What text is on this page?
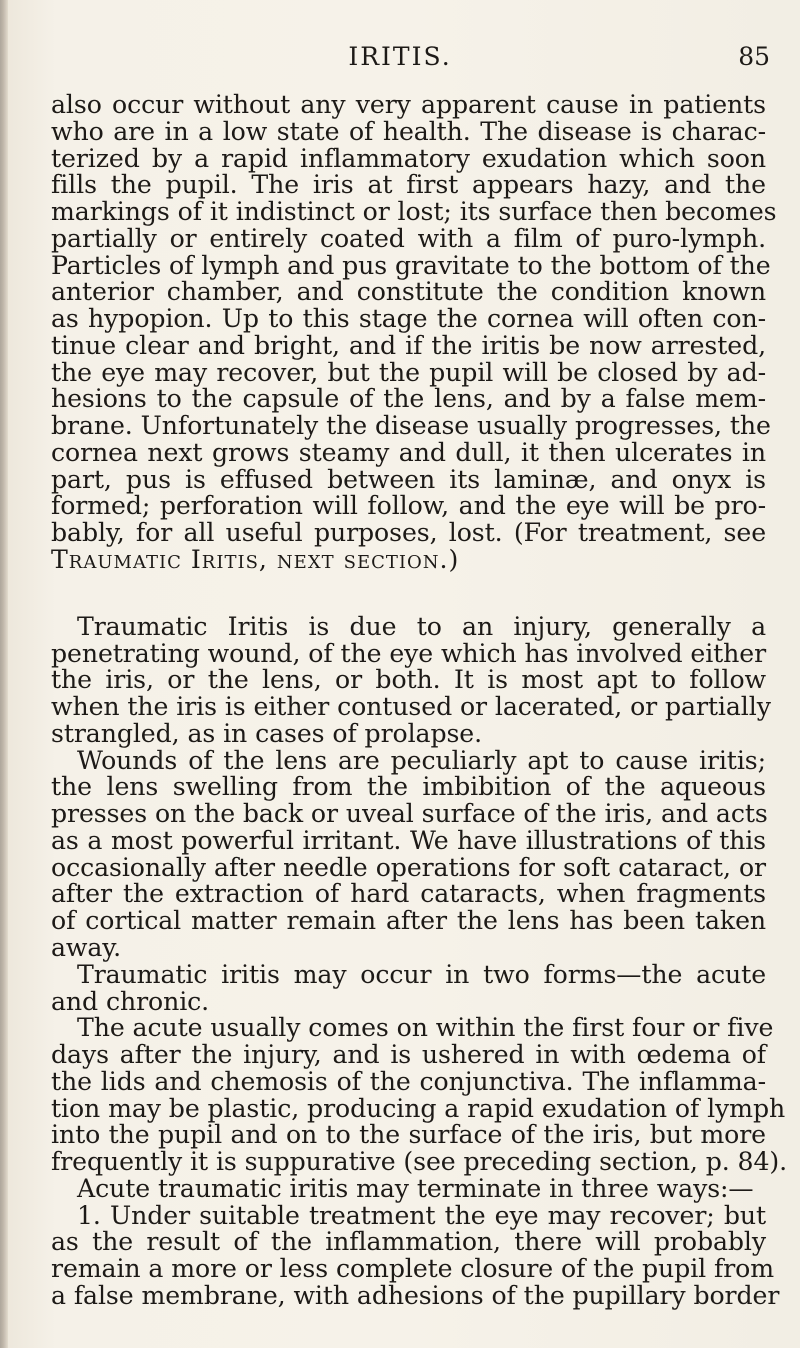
IRITIS.	85
also occur without any very apparent cause in patients
who are in a low state of health. The disease is charac-
terized by a rapid inflammatory exudation which soon
fills the pupil. The iris at first appears hazy, and the
markings of it indistinct or lost; its surface then becomes
partially or entirely coated with a film of puro-lymph.
Particles of lymph and pus gravitate to the bottom of the
anterior chamber, and constitute the condition known
as hypopion. Up to this stage the cornea will often con-
tinue clear and bright, and if the iritis be now arrested,
the eye may recover, but the pupil will be closed by ad-
hesions to the capsule of the lens, and by a false mem-
brane. Unfortunately the disease usually progresses, the
cornea next grows steamy and dull, it then ulcerates in
part, pus is effused between its laminæ, and onyx is
formed; perforation will follow, and the eye will be pro-
bably, for all useful purposes, lost. (For treatment, see
Traumatic Iritis, next section.)
Traumatic Iritis is due to an injury, generally a
penetrating wound, of the eye which has involved either
the iris, or the lens, or both. It is most apt to follow
when the iris is either contused or lacerated, or partially
strangled, as in cases of prolapse.
Wounds of the lens are peculiarly apt to cause iritis;
the lens swelling from the imbibition of the aqueous
presses on the back or uveal surface of the iris, and acts
as a most powerful irritant. We have illustrations of this
occasionally after needle operations for soft cataract, or
after the extraction of hard cataracts, when fragments
of cortical matter remain after the lens has been taken
away.
Traumatic iritis may occur in two forms—the acute
and chronic.
The acute usually comes on within the first four or five
days after the injury, and is ushered in with œdema of
the lids and chemosis of the conjunctiva. The inflamma-
tion may be plastic, producing a rapid exudation of lymph
into the pupil and on to the surface of the iris, but more
frequently it is suppurative (see preceding section, p. 84).
Acute traumatic iritis may terminate in three ways:—
1. Under suitable treatment the eye may recover; but
as the result of the inflammation, there will probably
remain a more or less complete closure of the pupil from
a false membrane, with adhesions of the pupillary border
